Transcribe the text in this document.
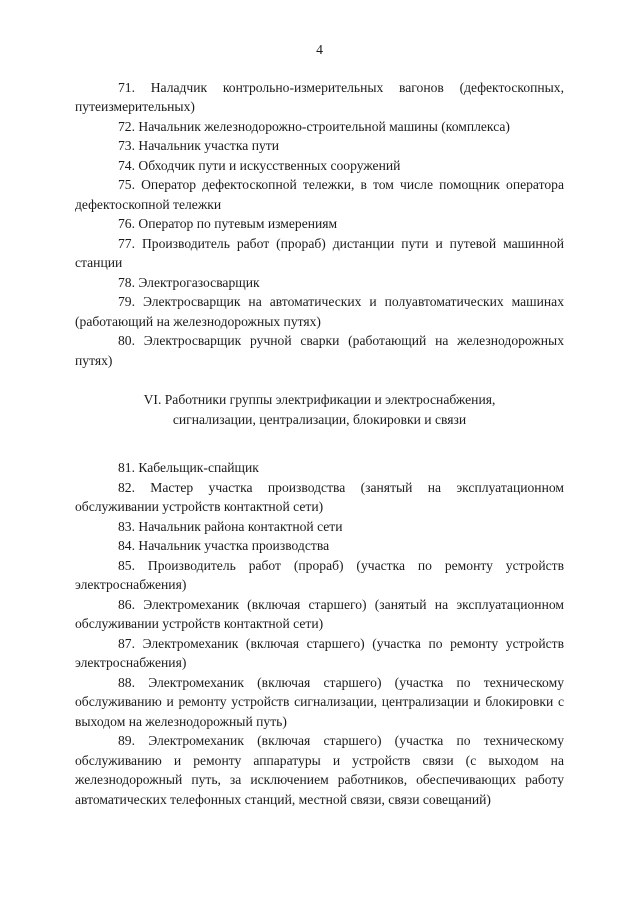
4

71. Наладчик контрольно-измерительных вагонов (дефектоскопных, путеизмерительных)

72. Начальник железнодорожно-строительной машины (комплекса)

73. Начальник участка пути

74. Обходчик пути и искусственных сооружений

75. Оператор дефектоскопной тележки, в том числе помощник оператора дефектоскопной тележки

76. Оператор по путевым измерениям

77. Производитель работ (прораб) дистанции пути и путевой машинной станции

78. Электрогазосварщик

79. Электросварщик на автоматических и полуавтоматических машинах (работающий на железнодорожных путях)

80. Электросварщик ручной сварки (работающий на железнодорожных путях)

VI. Работники группы электрификации и электроснабжения,
сигнализации, централизации, блокировки и связи

81. Кабельщик-спайщик

82. Мастер участка производства (занятый на эксплуатационном обслуживании устройств контактной сети)

83. Начальник района контактной сети

84. Начальник участка производства

85. Производитель работ (прораб) (участка по ремонту устройств электроснабжения)

86. Электромеханик (включая старшего) (занятый на эксплуатационном обслуживании устройств контактной сети)

87. Электромеханик (включая старшего) (участка по ремонту устройств электроснабжения)

88. Электромеханик (включая старшего) (участка по техническому обслуживанию и ремонту устройств сигнализации, централизации и блокировки с выходом на железнодорожный путь)

89. Электромеханик (включая старшего) (участка по техническому обслуживанию и ремонту аппаратуры и устройств связи (с выходом на железнодорожный путь, за исключением работников, обеспечивающих работу автоматических телефонных станций, местной связи, связи совещаний)
